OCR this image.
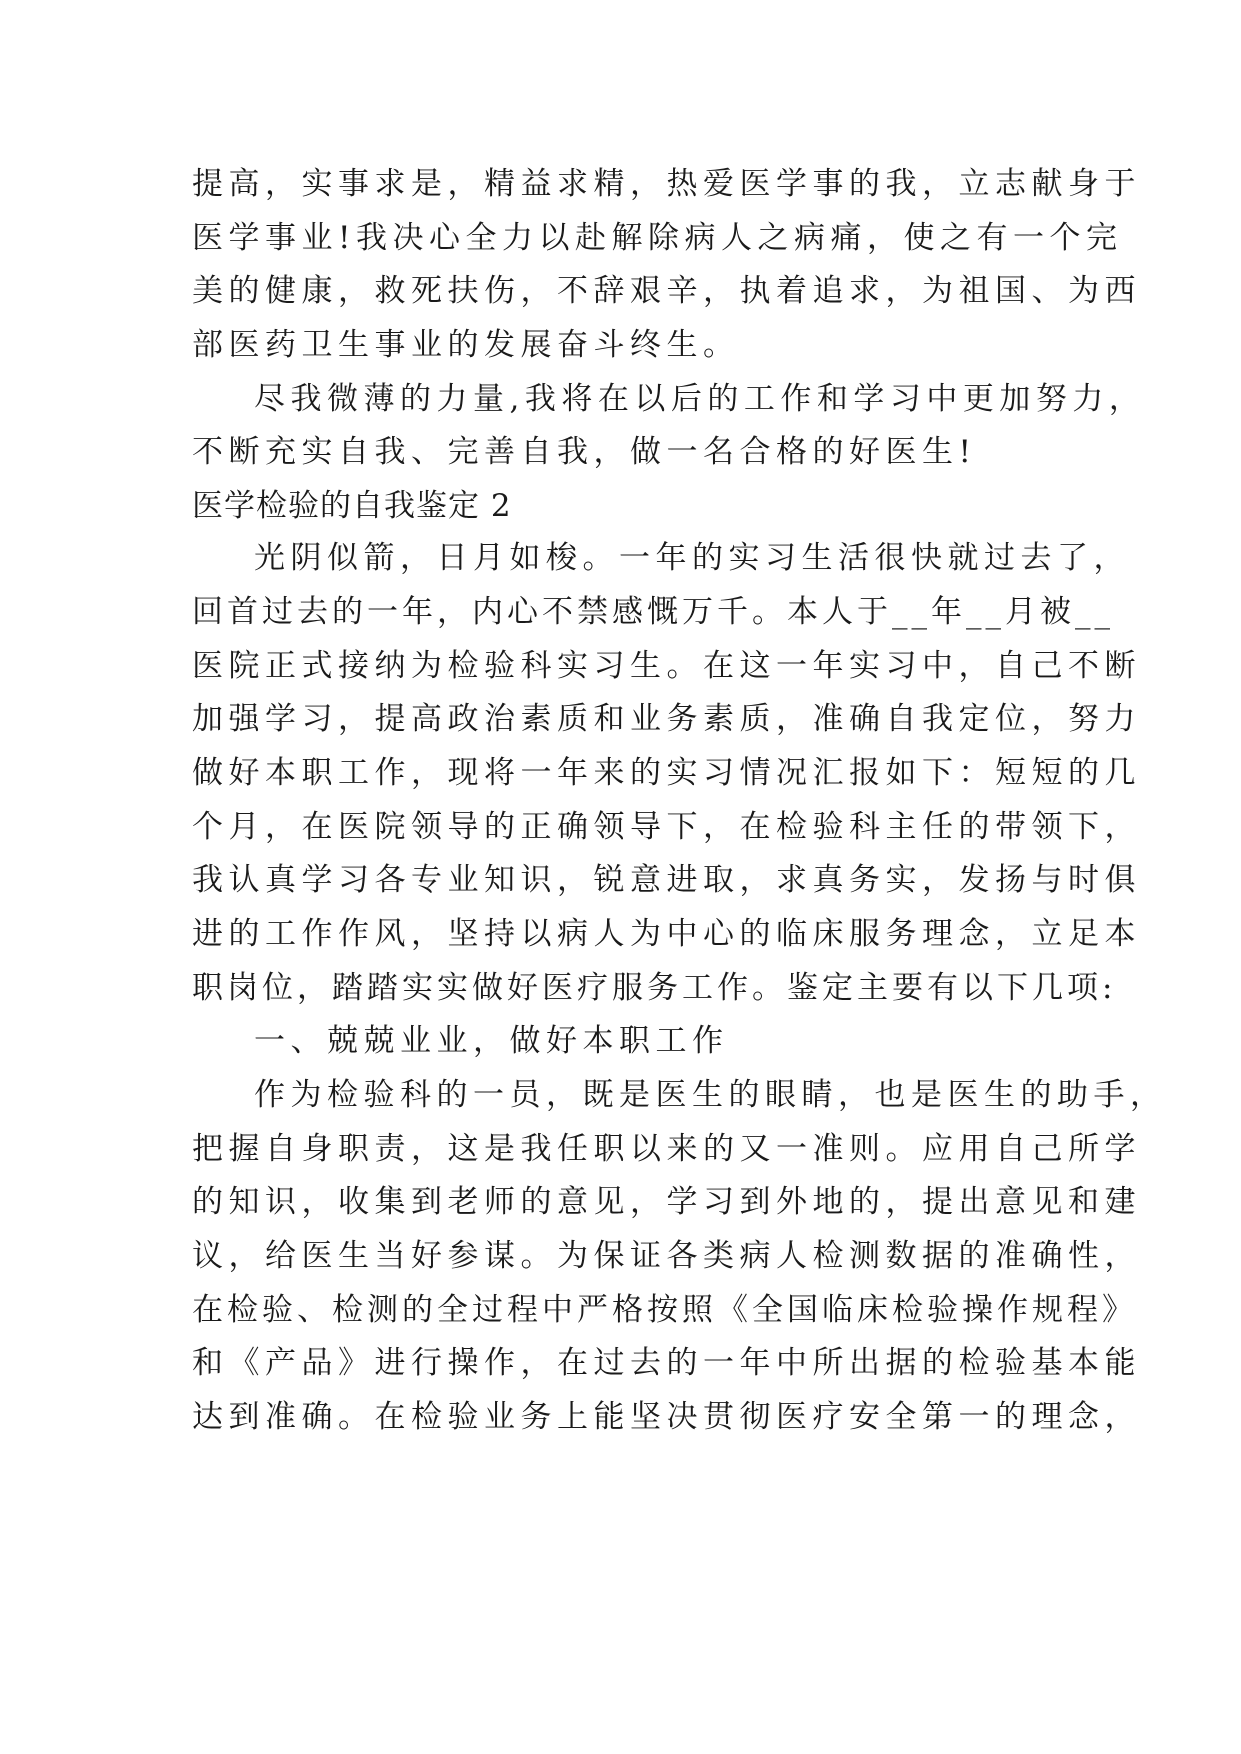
提高，实事求是，精益求精，热爱医学事的我，立志献身于
医学事业!我决心全力以赴解除病人之病痛，使之有一个完
美的健康，救死扶伤，不辞艰辛，执着追求，为祖国、为西
部医药卫生事业的发展奋斗终生。
尽我微薄的力量,我将在以后的工作和学习中更加努力，
不断充实自我、完善自我，做一名合格的好医生!
医学检验的自我鉴定 2
光阴似箭，日月如梭。一年的实习生活很快就过去了，
回首过去的一年，内心不禁感慨万千。本人于__年__月被__
医院正式接纳为检验科实习生。在这一年实习中，自己不断
加强学习，提高政治素质和业务素质，准确自我定位，努力
做好本职工作，现将一年来的实习情况汇报如下：短短的几
个月，在医院领导的正确领导下，在检验科主任的带领下，
我认真学习各专业知识，锐意进取，求真务实，发扬与时俱
进的工作作风，坚持以病人为中心的临床服务理念，立足本
职岗位，踏踏实实做好医疗服务工作。鉴定主要有以下几项:
一、兢兢业业，做好本职工作
作为检验科的一员，既是医生的眼睛，也是医生的助手，
把握自身职责，这是我任职以来的又一准则。应用自己所学
的知识，收集到老师的意见，学习到外地的，提出意见和建
议，给医生当好参谋。为保证各类病人检测数据的准确性，
在检验、检测的全过程中严格按照《全国临床检验操作规程》
和《产品》进行操作，在过去的一年中所出据的检验基本能
达到准确。在检验业务上能坚决贯彻医疗安全第一的理念，
